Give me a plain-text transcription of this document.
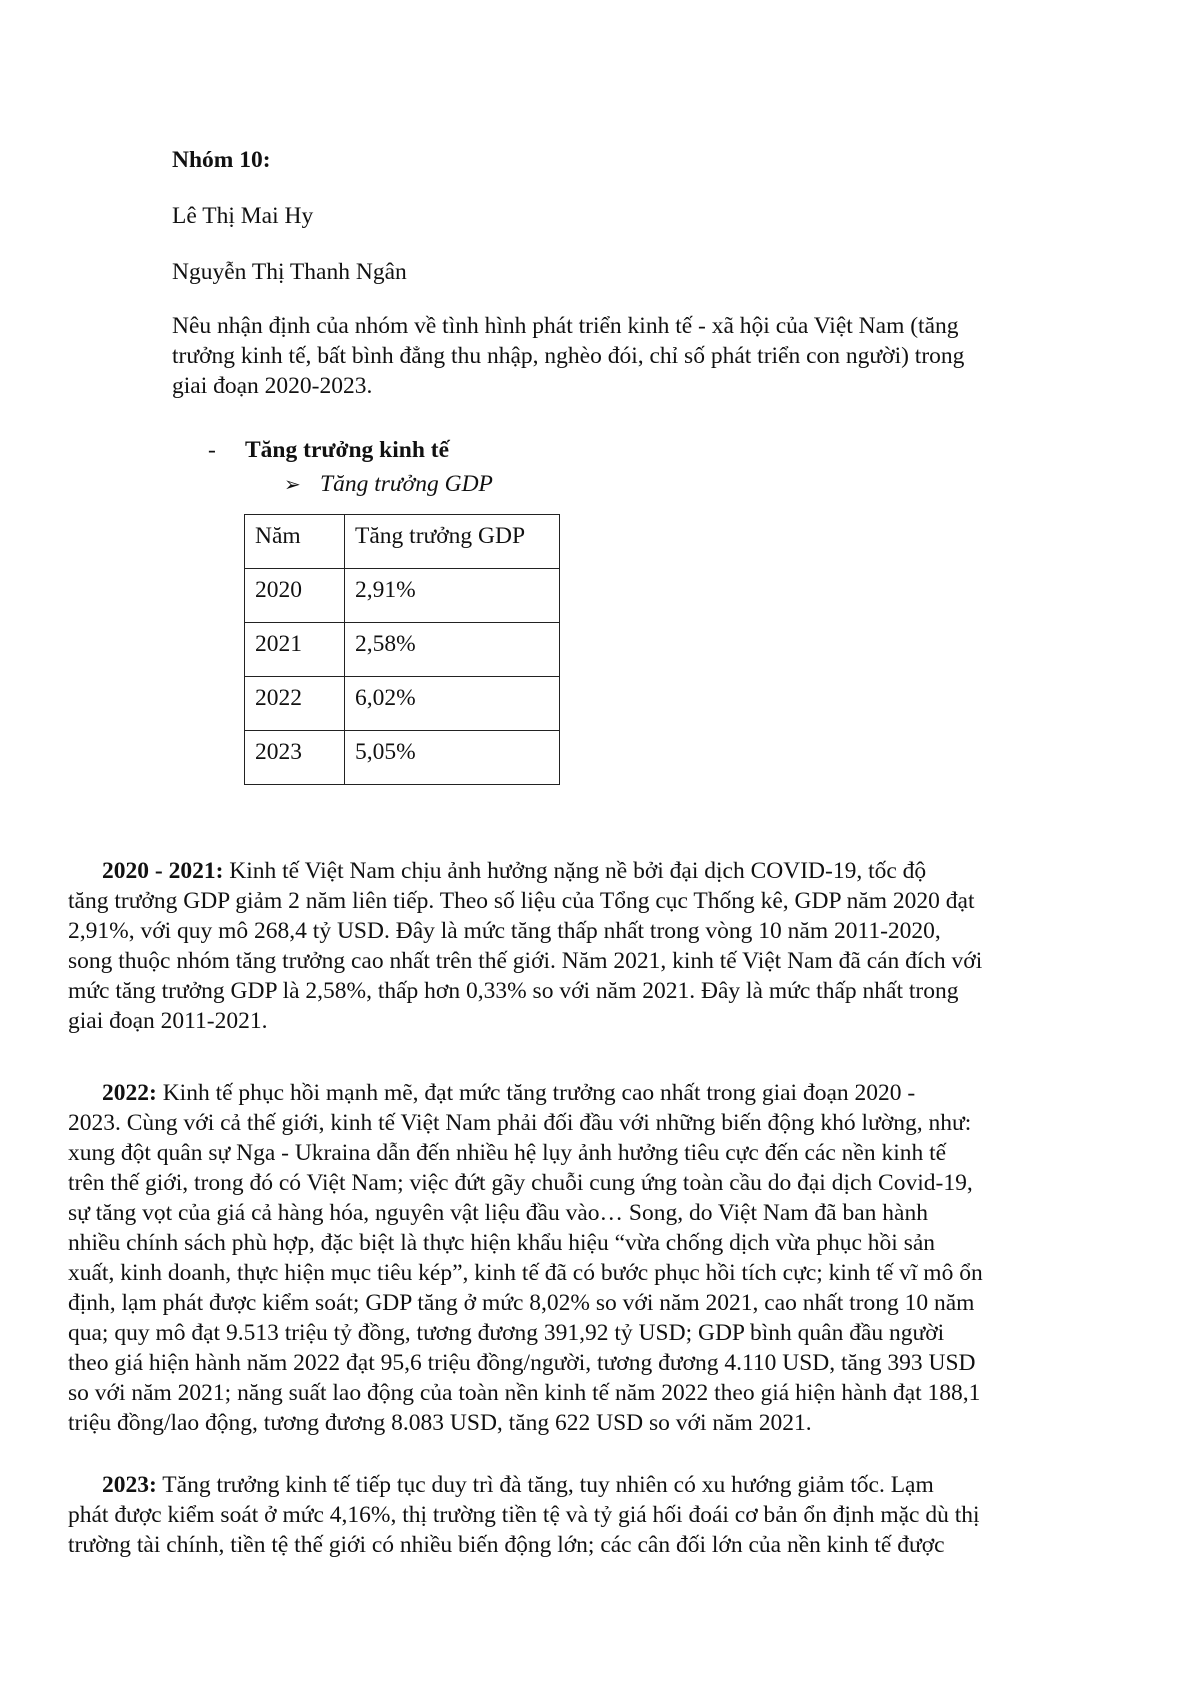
Nhóm 10:
Lê Thị Mai Hy
Nguyễn Thị Thanh Ngân
Nêu nhận định của nhóm về tình hình phát triển kinh tế - xã hội của Việt Nam (tăng
trưởng kinh tế, bất bình đẳng thu nhập, nghèo đói, chỉ số phát triển con người) trong
giai đoạn 2020-2023.
- Tăng trưởng kinh tế
➢ Tăng trưởng GDP
Năm	Tăng trưởng GDP
2020	2,91%
2021	2,58%
2022	6,02%
2023	5,05%
2020 - 2021: Kinh tế Việt Nam chịu ảnh hưởng nặng nề bởi đại dịch COVID-19, tốc độ
tăng trưởng GDP giảm 2 năm liên tiếp. Theo số liệu của Tổng cục Thống kê, GDP năm 2020 đạt
2,91%, với quy mô 268,4 tỷ USD. Đây là mức tăng thấp nhất trong vòng 10 năm 2011-2020,
song thuộc nhóm tăng trưởng cao nhất trên thế giới. Năm 2021, kinh tế Việt Nam đã cán đích với
mức tăng trưởng GDP là 2,58%, thấp hơn 0,33% so với năm 2021. Đây là mức thấp nhất trong
giai đoạn 2011-2021.
2022: Kinh tế phục hồi mạnh mẽ, đạt mức tăng trưởng cao nhất trong giai đoạn 2020 -
2023. Cùng với cả thế giới, kinh tế Việt Nam phải đối đầu với những biến động khó lường, như:
xung đột quân sự Nga - Ukraina dẫn đến nhiều hệ lụy ảnh hưởng tiêu cực đến các nền kinh tế
trên thế giới, trong đó có Việt Nam; việc đứt gãy chuỗi cung ứng toàn cầu do đại dịch Covid-19,
sự tăng vọt của giá cả hàng hóa, nguyên vật liệu đầu vào… Song, do Việt Nam đã ban hành
nhiều chính sách phù hợp, đặc biệt là thực hiện khẩu hiệu “vừa chống dịch vừa phục hồi sản
xuất, kinh doanh, thực hiện mục tiêu kép”, kinh tế đã có bước phục hồi tích cực; kinh tế vĩ mô ổn
định, lạm phát được kiểm soát; GDP tăng ở mức 8,02% so với năm 2021, cao nhất trong 10 năm
qua; quy mô đạt 9.513 triệu tỷ đồng, tương đương 391,92 tỷ USD; GDP bình quân đầu người
theo giá hiện hành năm 2022 đạt 95,6 triệu đồng/người, tương đương 4.110 USD, tăng 393 USD
so với năm 2021; năng suất lao động của toàn nền kinh tế năm 2022 theo giá hiện hành đạt 188,1
triệu đồng/lao động, tương đương 8.083 USD, tăng 622 USD so với năm 2021.
2023: Tăng trưởng kinh tế tiếp tục duy trì đà tăng, tuy nhiên có xu hướng giảm tốc. Lạm
phát được kiểm soát ở mức 4,16%, thị trường tiền tệ và tỷ giá hối đoái cơ bản ổn định mặc dù thị
trường tài chính, tiền tệ thế giới có nhiều biến động lớn; các cân đối lớn của nền kinh tế được
